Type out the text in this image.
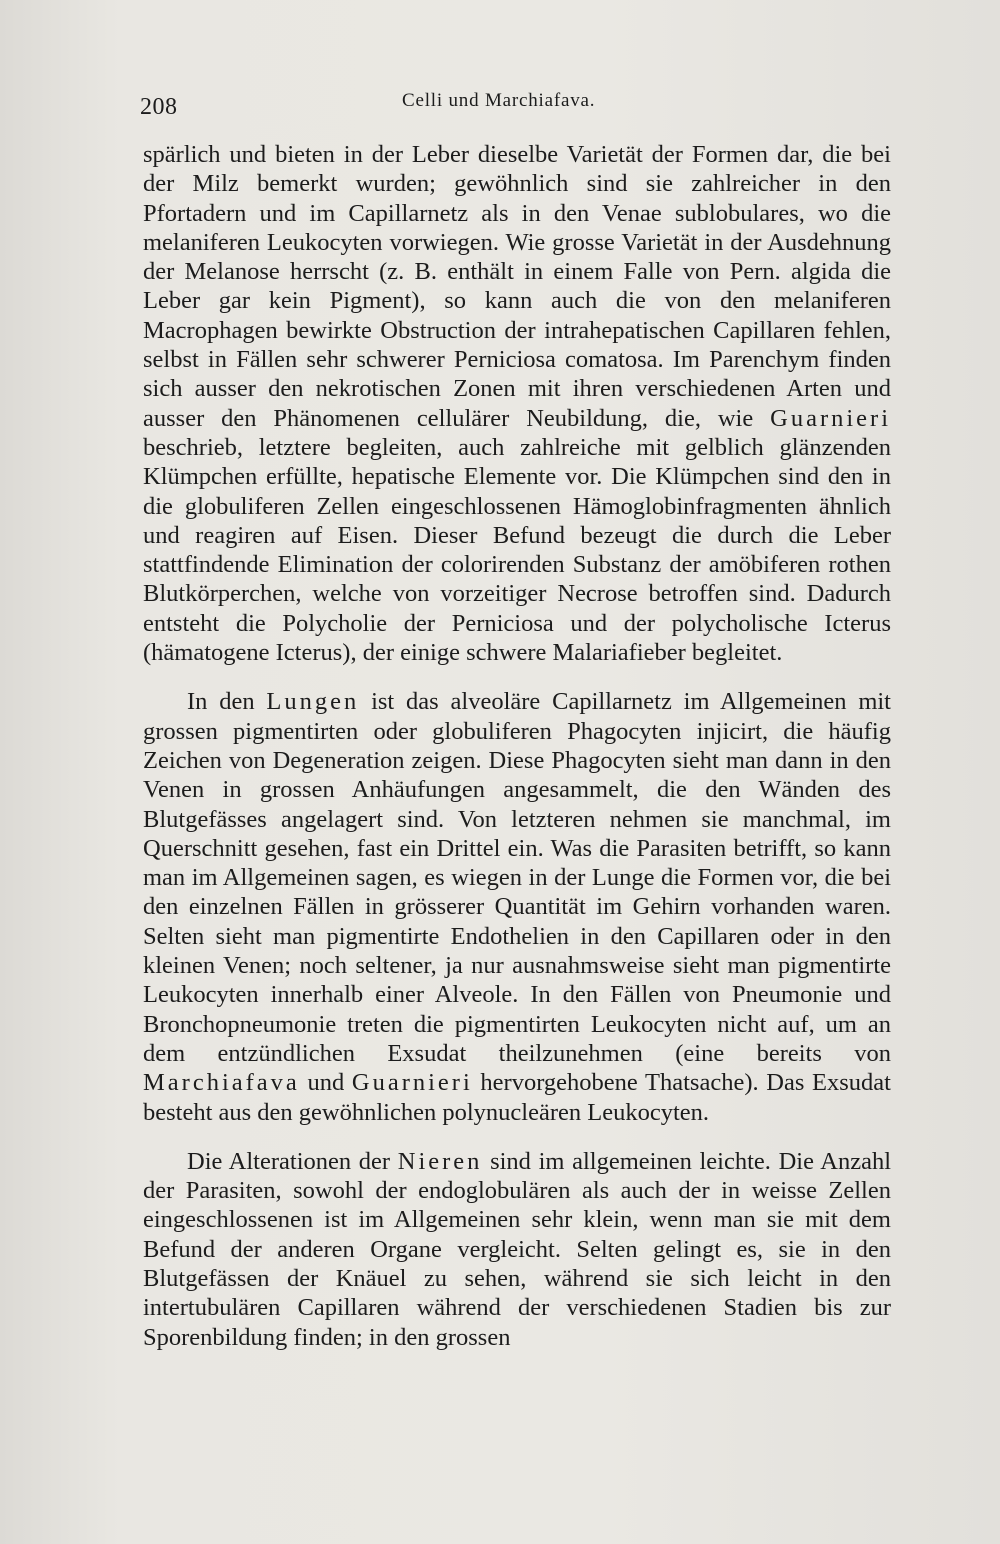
208	Celli und Marchiafava.

spärlich und bieten in der Leber dieselbe Varietät der Formen dar, die bei der Milz bemerkt wurden; gewöhnlich sind sie zahlreicher in den Pfortadern und im Capillarnetz als in den Venae sublobulares, wo die melaniferen Leukocyten vorwiegen. Wie grosse Varietät in der Ausdehnung der Melanose herrscht (z. B. enthält in einem Falle von Pern. algida die Leber gar kein Pigment), so kann auch die von den melaniferen Macrophagen bewirkte Obstruction der intrahepatischen Capillaren fehlen, selbst in Fällen sehr schwerer Perniciosa comatosa. Im Parenchym finden sich ausser den nekrotischen Zonen mit ihren verschiedenen Arten und ausser den Phänomenen cellulärer Neubildung, die, wie Guarnieri beschrieb, letztere begleiten, auch zahlreiche mit gelblich glänzenden Klümpchen erfüllte, hepatische Elemente vor. Die Klümpchen sind den in die globuliferen Zellen eingeschlossenen Hämoglobinfragmenten ähnlich und reagiren auf Eisen. Dieser Befund bezeugt die durch die Leber stattfindende Elimination der colorirenden Substanz der amöbiferen rothen Blutkörperchen, welche von vorzeitiger Necrose betroffen sind. Dadurch entsteht die Polycholie der Perniciosa und der polycholische Icterus (hämatogene Icterus), der einige schwere Malariafieber begleitet.

In den Lungen ist das alveoläre Capillarnetz im Allgemeinen mit grossen pigmentirten oder globuliferen Phagocyten injicirt, die häufig Zeichen von Degeneration zeigen. Diese Phagocyten sieht man dann in den Venen in grossen Anhäufungen angesammelt, die den Wänden des Blutgefässes angelagert sind. Von letzteren nehmen sie manchmal, im Querschnitt gesehen, fast ein Drittel ein. Was die Parasiten betrifft, so kann man im Allgemeinen sagen, es wiegen in der Lunge die Formen vor, die bei den einzelnen Fällen in grösserer Quantität im Gehirn vorhanden waren. Selten sieht man pigmentirte Endothelien in den Capillaren oder in den kleinen Venen; noch seltener, ja nur ausnahmsweise sieht man pigmentirte Leukocyten innerhalb einer Alveole. In den Fällen von Pneumonie und Bronchopneumonie treten die pigmentirten Leukocyten nicht auf, um an dem entzündlichen Exsudat theilzunehmen (eine bereits von Marchiafava und Guarnieri hervorgehobene Thatsache). Das Exsudat besteht aus den gewöhnlichen polynucleären Leukocyten.

Die Alterationen der Nieren sind im allgemeinen leichte. Die Anzahl der Parasiten, sowohl der endoglobulären als auch der in weisse Zellen eingeschlossenen ist im Allgemeinen sehr klein, wenn man sie mit dem Befund der anderen Organe vergleicht. Selten gelingt es, sie in den Blutgefässen der Knäuel zu sehen, während sie sich leicht in den intertubulären Capillaren während der verschiedenen Stadien bis zur Sporenbildung finden; in den grossen
